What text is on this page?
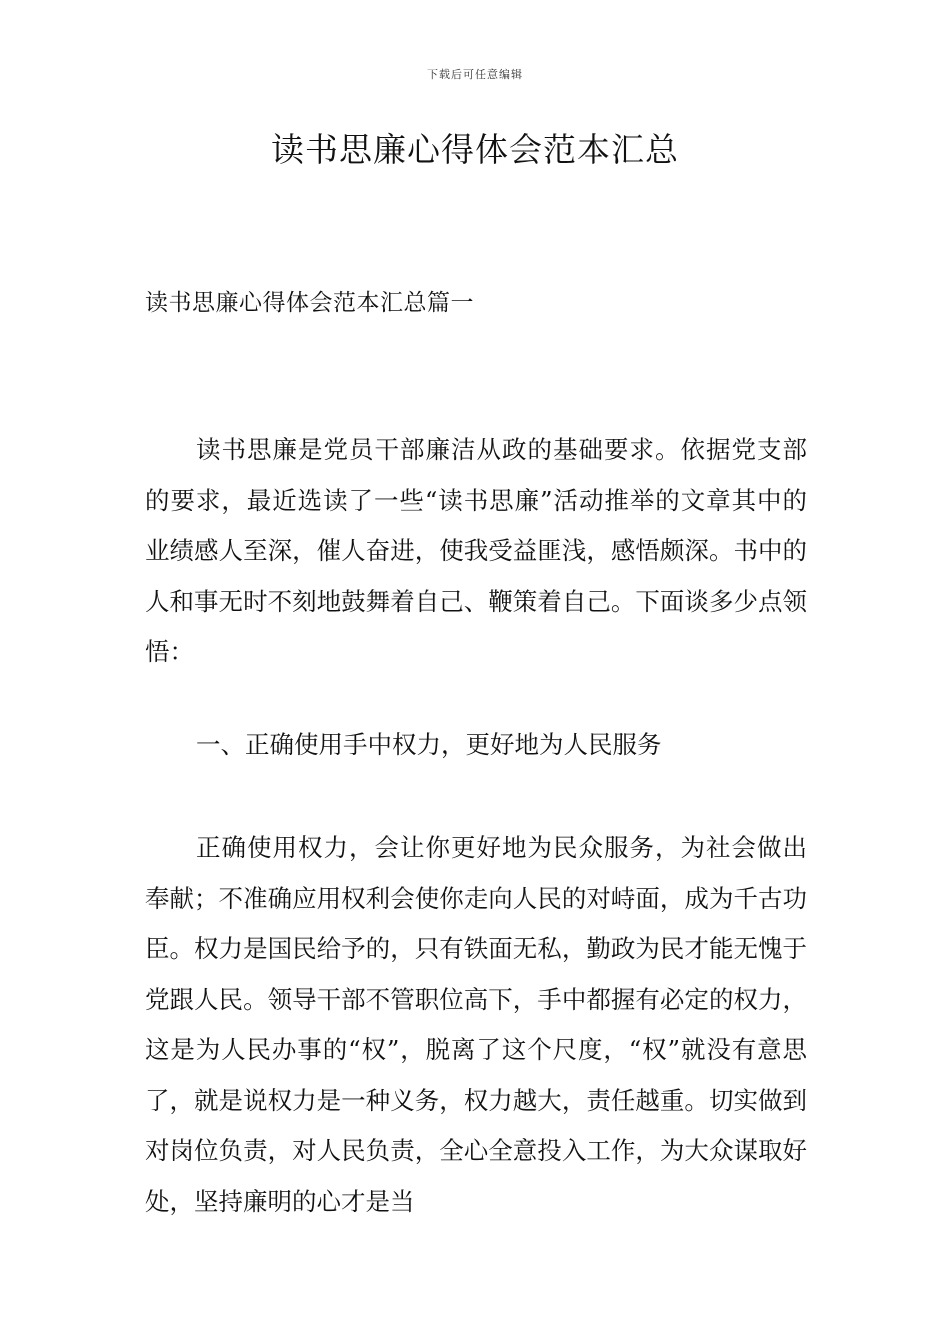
下载后可任意编辑
读书思廉心得体会范本汇总
读书思廉心得体会范本汇总篇一

读书思廉是党员干部廉洁从政的基础要求。依据党支部的要求，最近选读了一些“读书思廉”活动推举的文章其中的业绩感人至深，催人奋进，使我受益匪浅，感悟颇深。书中的人和事无时不刻地鼓舞着自己、鞭策着自己。下面谈多少点领悟：

一、正确使用手中权力，更好地为人民服务

正确使用权力，会让你更好地为民众服务，为社会做出奉献；不准确应用权利会使你走向人民的对峙面，成为千古功臣。权力是国民给予的，只有铁面无私，勤政为民才能无愧于党跟人民。领导干部不管职位高下，手中都握有必定的权力，这是为人民办事的“权”，脱离了这个尺度，“权”就没有意思了，就是说权力是一种义务，权力越大，责任越重。切实做到对岗位负责，对人民负责，全心全意投入工作，为大众谋取好处，坚持廉明的心才是当
